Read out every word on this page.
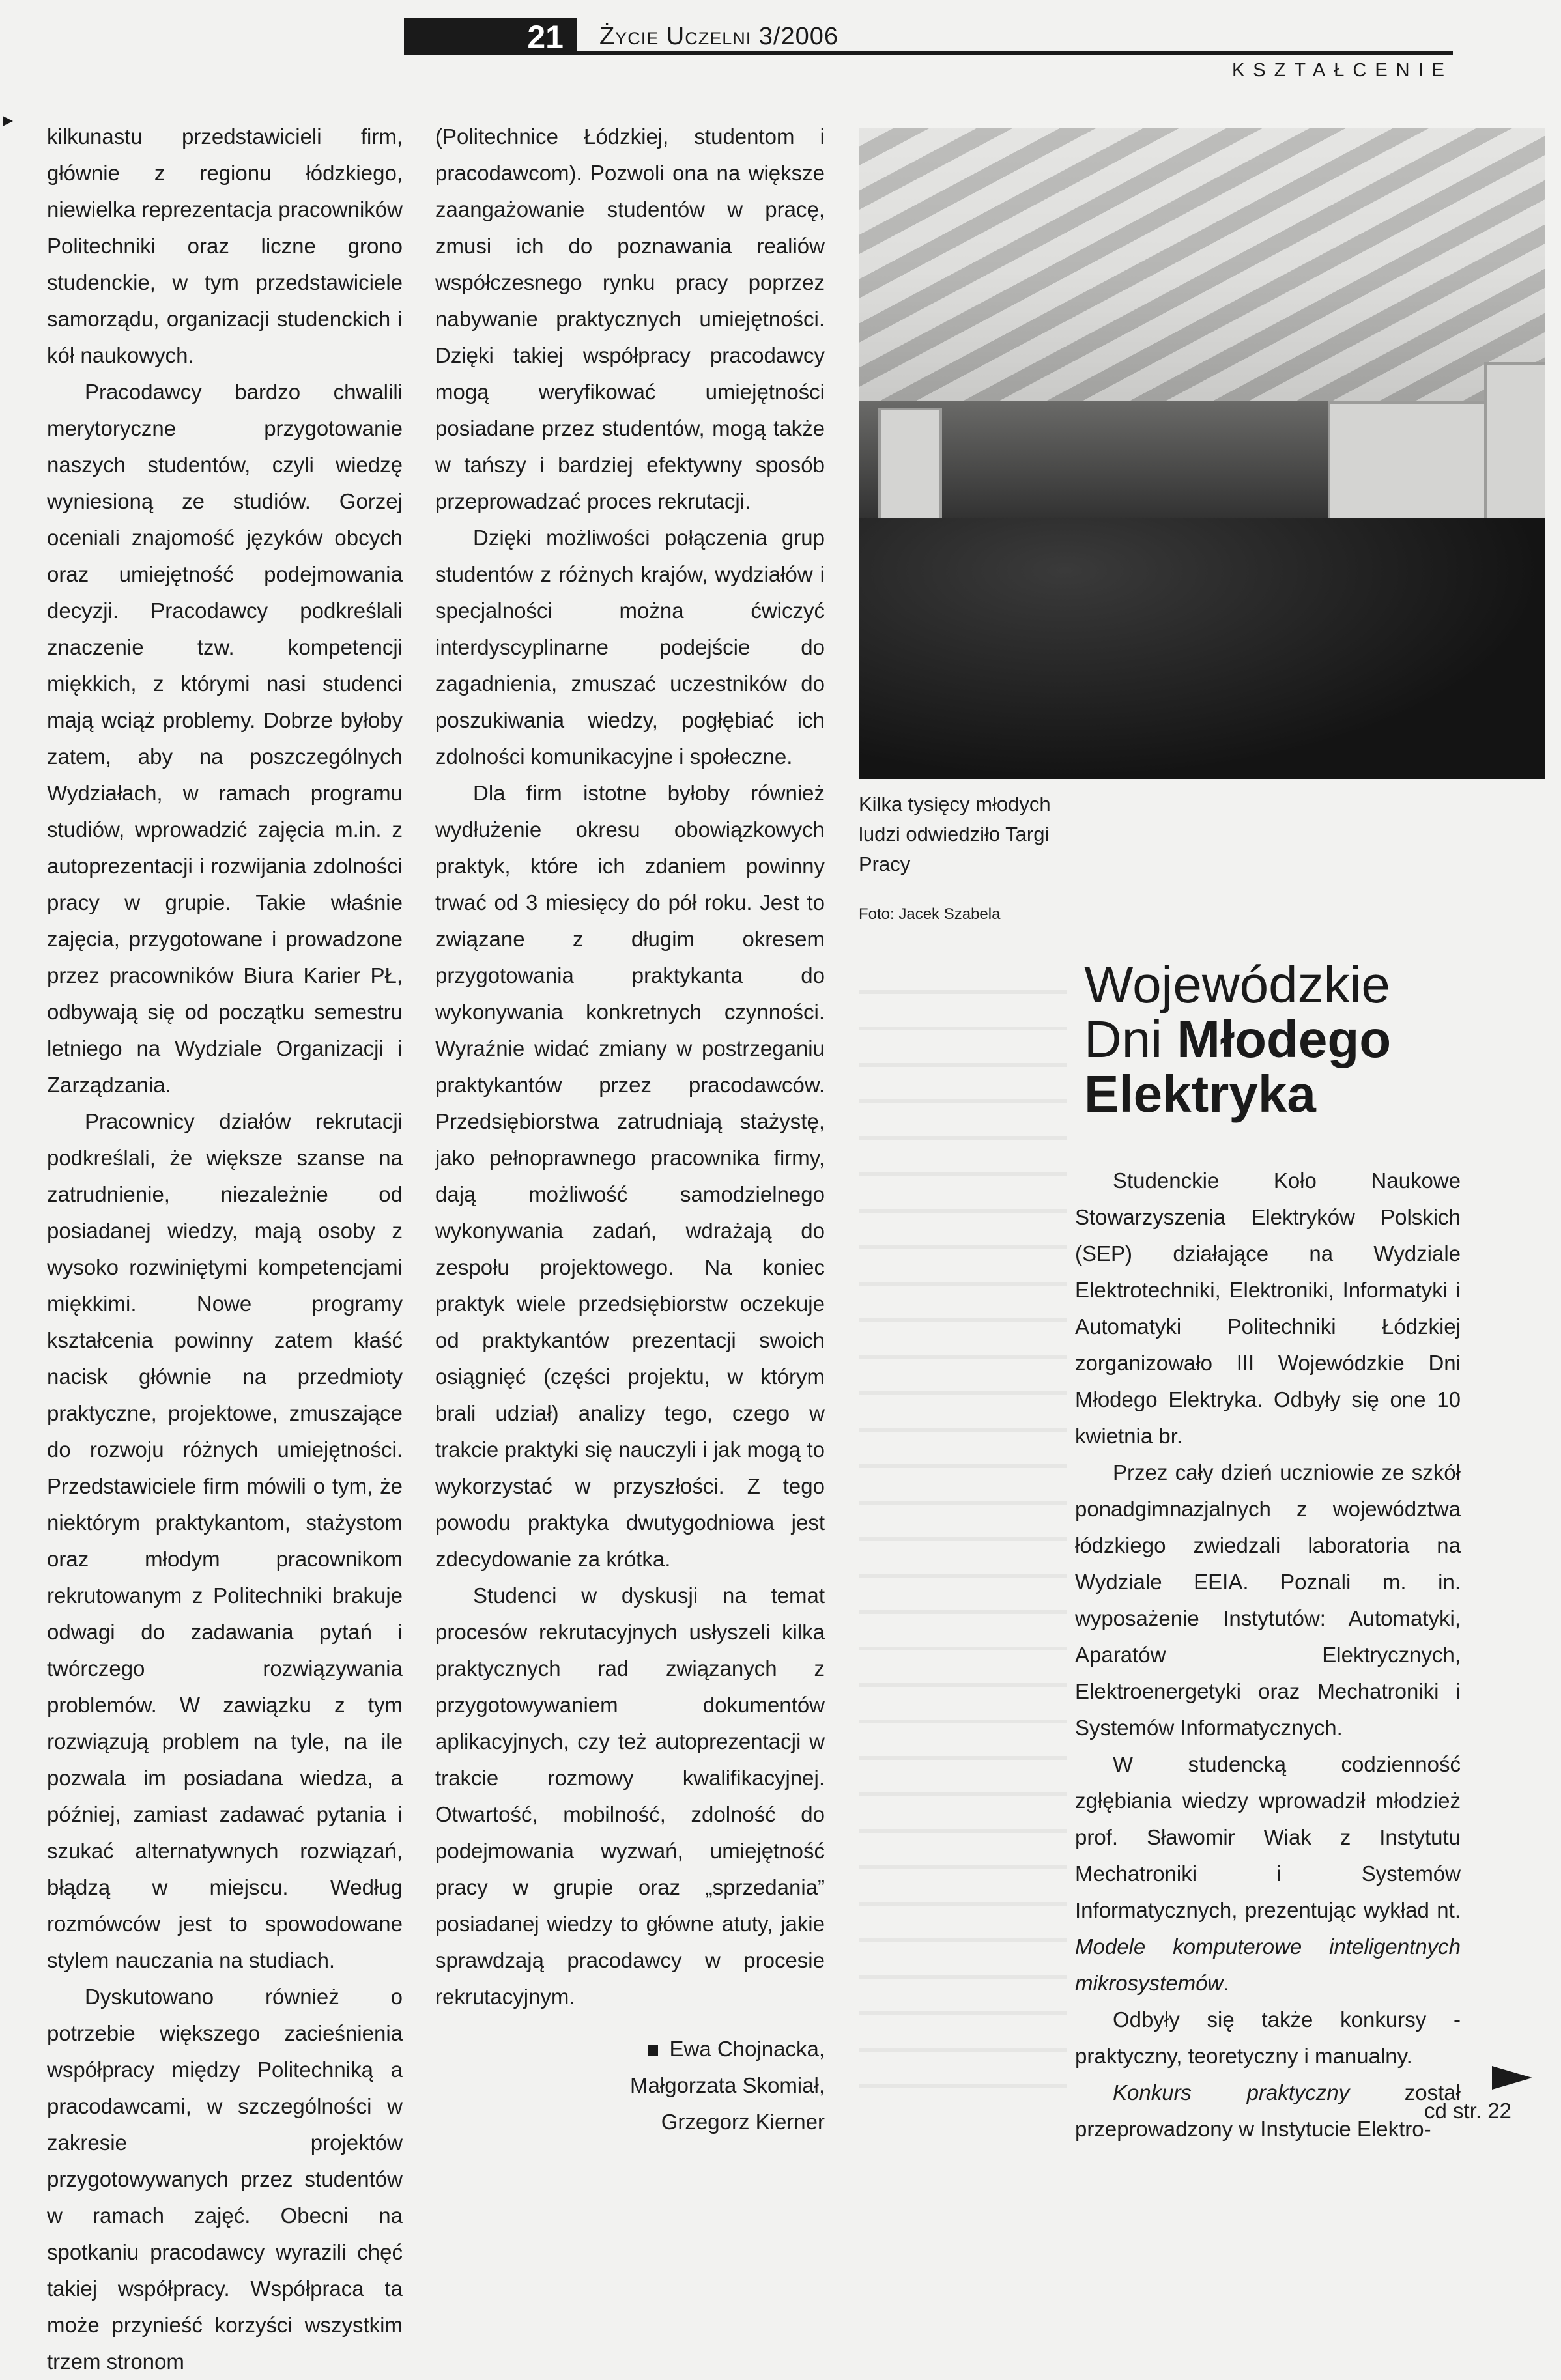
21	Życie Uczelni 3/2006
KSZTAŁCENIE

kilkunastu przedstawicieli firm, głównie z regionu łódzkiego, niewielka reprezentacja pracowników Politechniki oraz liczne grono studenckie, w tym przedstawiciele samorządu, organizacji studenckich i kół naukowych.

Pracodawcy bardzo chwalili merytoryczne przygotowanie naszych studentów, czyli wiedzę wyniesioną ze studiów. Gorzej oceniali znajomość języków obcych oraz umiejętność podejmowania decyzji. Pracodawcy podkreślali znaczenie tzw. kompetencji miękkich, z którymi nasi studenci mają wciąż problemy. Dobrze byłoby zatem, aby na poszczególnych Wydziałach, w ramach programu studiów, wprowadzić zajęcia m.in. z autoprezentacji i rozwijania zdolności pracy w grupie. Takie właśnie zajęcia, przygotowane i prowadzone przez pracowników Biura Karier PŁ, odbywają się od początku semestru letniego na Wydziale Organizacji i Zarządzania.

Pracownicy działów rekrutacji podkreślali, że większe szanse na zatrudnienie, niezależnie od posiadanej wiedzy, mają osoby z wysoko rozwiniętymi kompetencjami miękkimi. Nowe programy kształcenia powinny zatem kłaść nacisk głównie na przedmioty praktyczne, projektowe, zmuszające do rozwoju różnych umiejętności. Przedstawiciele firm mówili o tym, że niektórym praktykantom, stażystom oraz młodym pracownikom rekrutowanym z Politechniki brakuje odwagi do zadawania pytań i twórczego rozwiązywania problemów. W zawiązku z tym rozwiązują problem na tyle, na ile pozwala im posiadana wiedza, a później, zamiast zadawać pytania i szukać alternatywnych rozwiązań, błądzą w miejscu. Według rozmówców jest to spowodowane stylem nauczania na studiach.

Dyskutowano również o potrzebie większego zacieśnienia współpracy między Politechniką a pracodawcami, w szczególności w zakresie projektów przygotowywanych przez studentów w ramach zajęć. Obecni na spotkaniu pracodawcy wyrazili chęć takiej współpracy. Współpraca ta może przynieść korzyści wszystkim trzem stronom

(Politechnice Łódzkiej, studentom i pracodawcom). Pozwoli ona na większe zaangażowanie studentów w pracę, zmusi ich do poznawania realiów współczesnego rynku pracy poprzez nabywanie praktycznych umiejętności. Dzięki takiej współpracy pracodawcy mogą weryfikować umiejętności posiadane przez studentów, mogą także w tańszy i bardziej efektywny sposób przeprowadzać proces rekrutacji.

Dzięki możliwości połączenia grup studentów z różnych krajów, wydziałów i specjalności można ćwiczyć interdyscyplinarne podejście do zagadnienia, zmuszać uczestników do poszukiwania wiedzy, pogłębiać ich zdolności komunikacyjne i społeczne.

Dla firm istotne byłoby również wydłużenie okresu obowiązkowych praktyk, które ich zdaniem powinny trwać od 3 miesięcy do pół roku. Jest to związane z długim okresem przygotowania praktykanta do wykonywania konkretnych czynności. Wyraźnie widać zmiany w postrzeganiu praktykantów przez pracodawców. Przedsiębiorstwa zatrudniają stażystę, jako pełnoprawnego pracownika firmy, dają możliwość samodzielnego wykonywania zadań, wdrażają do zespołu projektowego. Na koniec praktyk wiele przedsiębiorstw oczekuje od praktykantów prezentacji swoich osiągnięć (części projektu, w którym brali udział) analizy tego, czego w trakcie praktyki się nauczyli i jak mogą to wykorzystać w przyszłości. Z tego powodu praktyka dwutygodniowa jest zdecydowanie za krótka.

Studenci w dyskusji na temat procesów rekrutacyjnych usłyszeli kilka praktycznych rad związanych z przygotowywaniem dokumentów aplikacyjnych, czy też autoprezentacji w trakcie rozmowy kwalifikacyjnej. Otwartość, mobilność, zdolność do podejmowania wyzwań, umiejętność pracy w grupie oraz „sprzedania” posiadanej wiedzy to główne atuty, jakie sprawdzają pracodawcy w procesie rekrutacyjnym.

Ewa Chojnacka,
Małgorzata Skomiał,
Grzegorz Kierner
Kilka tysięcy młodych ludzi odwiedziło Targi Pracy
Foto: Jacek Szabela
Wojewódzkie
Dni Młodego
Elektryka

Studenckie Koło Naukowe Stowarzyszenia Elektryków Polskich (SEP) działające na Wydziale Elektrotechniki, Elektroniki, Informatyki i Automatyki Politechniki Łódzkiej zorganizowało III Wojewódzkie Dni Młodego Elektryka. Odbyły się one 10 kwietnia br.

Przez cały dzień uczniowie ze szkół ponadgimnazjalnych z województwa łódzkiego zwiedzali laboratoria na Wydziale EEIA. Poznali m. in. wyposażenie Instytutów: Automatyki, Aparatów Elektrycznych, Elektroenergetyki oraz Mechatroniki i Systemów Informatycznych.

W studencką codzienność zgłębiania wiedzy wprowadził młodzież prof. Sławomir Wiak z Instytutu Mechatroniki i Systemów Informatycznych, prezentując wykład nt. Modele komputerowe inteligentnych mikrosystemów.

Odbyły się także konkursy - praktyczny, teoretyczny i manualny.

Konkurs praktyczny został przeprowadzony w Instytucie Elektro-

cd str. 22
